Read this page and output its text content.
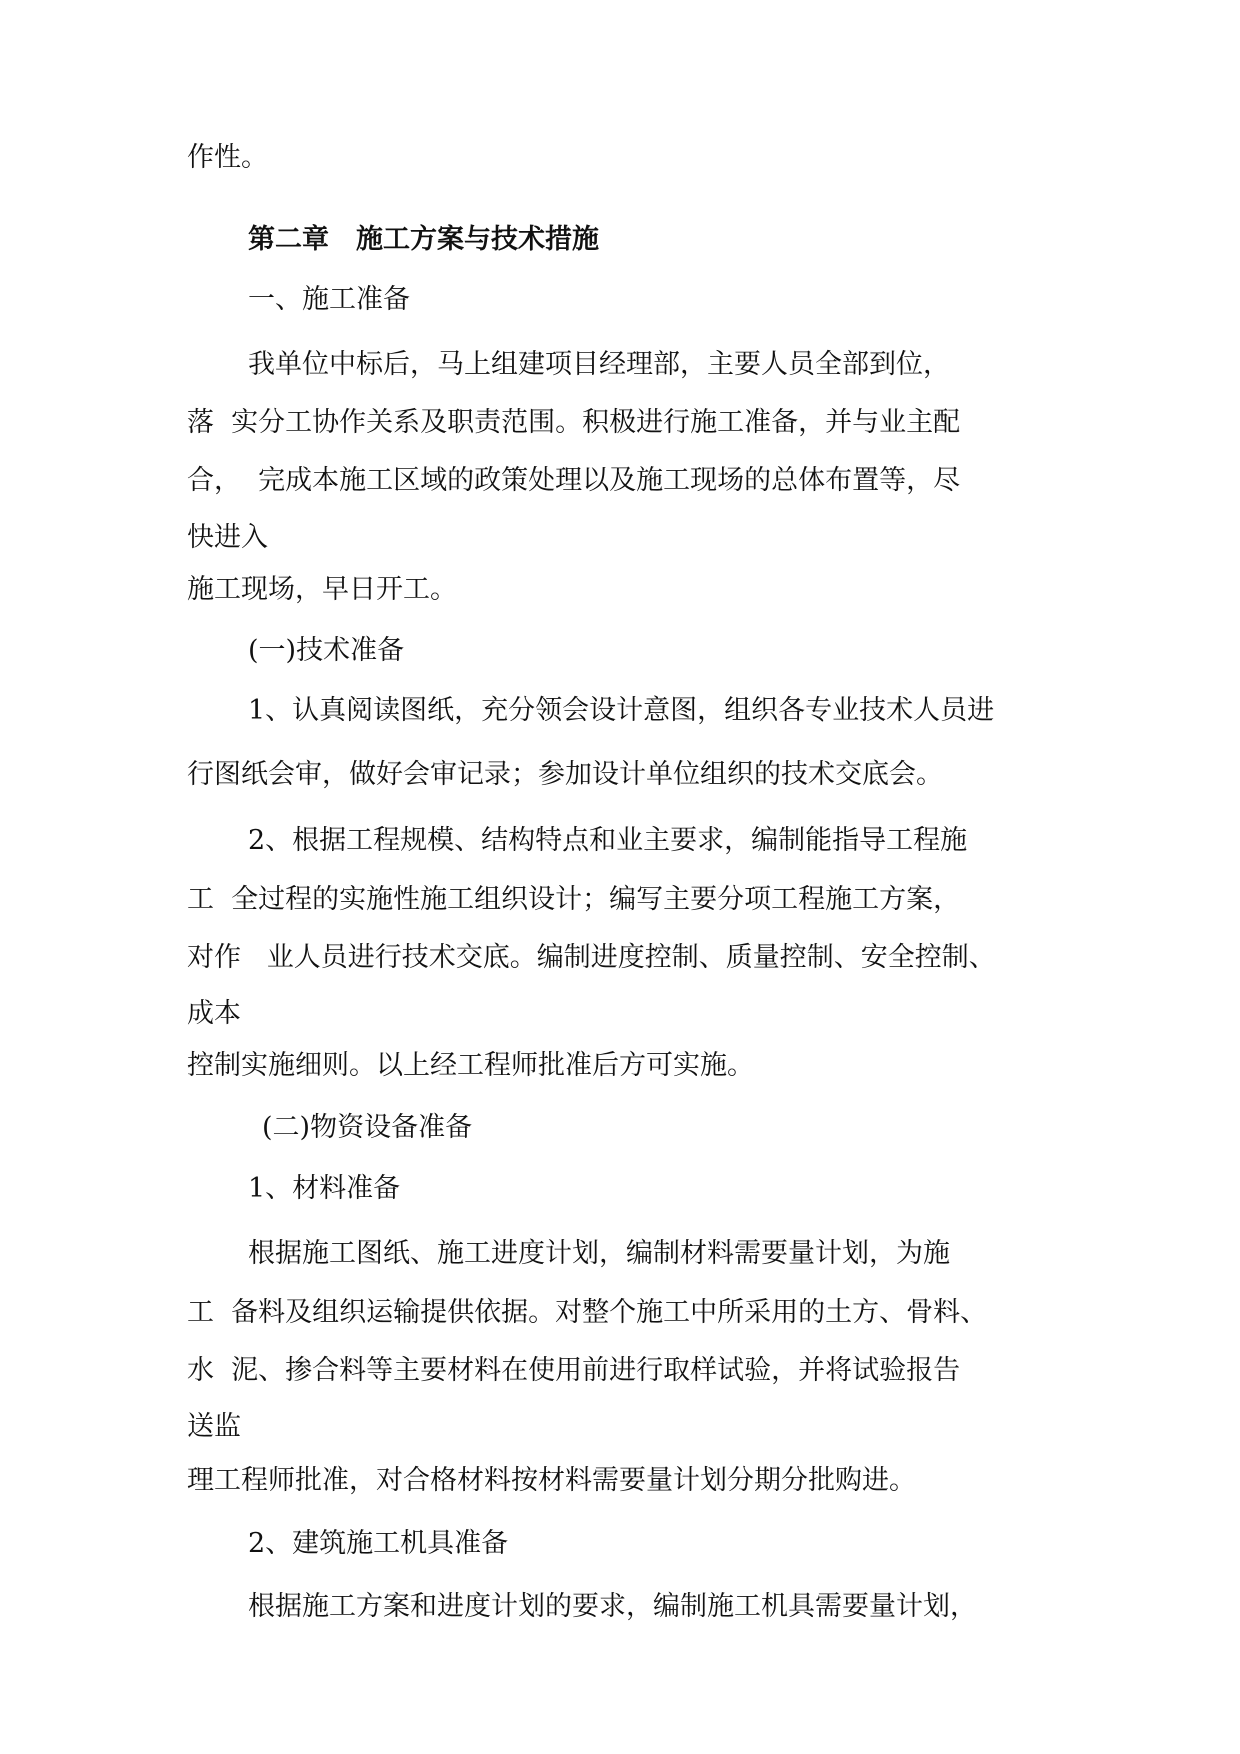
作性。

第二章　施工方案与技术措施

一、施工准备

我单位中标后，马上组建项目经理部，主要人员全部到位，

落  实分工协作关系及职责范围。积极进行施工准备，并与业主配

合，  完成本施工区域的政策处理以及施工现场的总体布置等，尽

快进入

施工现场，早日开工。

(一)技术准备

1、认真阅读图纸，充分领会设计意图，组织各专业技术人员进

行图纸会审，做好会审记录；参加设计单位组织的技术交底会。

2、根据工程规模、结构特点和业主要求，编制能指导工程施

工  全过程的实施性施工组织设计；编写主要分项工程施工方案，

对作   业人员进行技术交底。编制进度控制、质量控制、安全控制、

成本

控制实施细则。以上经工程师批准后方可实施。

(二)物资设备准备

1、材料准备

根据施工图纸、施工进度计划，编制材料需要量计划，为施

工  备料及组织运输提供依据。对整个施工中所采用的土方、骨料、

水  泥、掺合料等主要材料在使用前进行取样试验，并将试验报告

送监

理工程师批准，对合格材料按材料需要量计划分期分批购进。

2、建筑施工机具准备

根据施工方案和进度计划的要求，编制施工机具需要量计划，
